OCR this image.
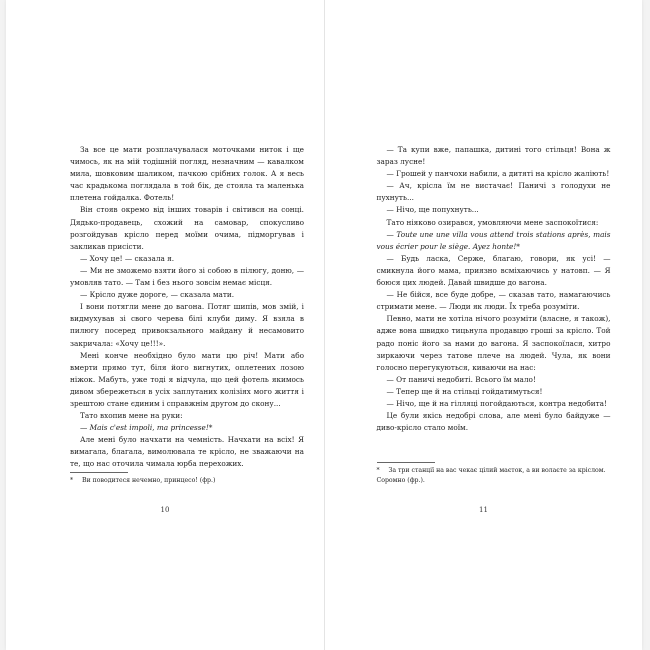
За все це мати розплачувалася моточками ниток і ще чимось, як на мій тодішній погляд, незначним — кавалком мила, шовковим шаликом, пачкою срібних голок. А я весь час крадькома поглядала в той бік, де стояла та маленька плетена гойдалка. Фотель!

Він стояв окремо від інших товарів і світився на сонці. Дядько-продавець, схожий на самовар, спокусливо розгойдував крісло перед моїми очима, підморгував і закликав присісти.

— Хочу це! — сказала я.

— Ми не зможемо взяти його зі собою в пілюгу, доню, — умовляв тато. — Там і без нього зовсім немає місця.

— Крісло дуже дороге, — сказала мати.

І вони потягли мене до вагона. Потяг шипів, мов змій, і видмухував зі свого черева білі клуби диму. Я взяла в пилюгу посеред привокзального майдану й несамовито закричала: «Хочу це!!!».

Мені конче необхідно було мати цю річ! Мати або вмерти прямо тут, біля його вигнутих, оплетених лозою ніжок. Мабуть, уже тоді я відчула, що цей фотель якимось дивом збережеться в усіх заплутаних колізіях мого життя і зрештою стане єдиним і справжнім другом до скону...

Тато вхопив мене на руки:

— Mais c'est impoli, ma princesse!*

Але мені було начхати на чемність. Начхати на всіх! Я вимагала, благала, вимолювала те крісло, не зважаючи на те, що нас оточила чимала юрба перехожих.

* Ви поводитеся нечемно, принцесо! (фр.)
10

— Та купи вже, папашка, дитині того стільця! Вона ж зараз лусне!

— Грошей у панчохи набили, а дитяті на крісло жаліють!

— Ач, крісла їм не вистачає! Паничі з голодухи не пухнуть...

— Нічо, ще попухнуть...

Тато ніяково озирався, умовляючи мене заспокоїтися:

— Toute une une villa vous attend trois stations après, mais vous écrier pour le siège. Ayez honte!*

— Будь ласка, Серже, благаю, говори, як усі! — смикнула його мама, приязно всміхаючись у натовп. — Я боюся цих людей. Давай швидше до вагона.

— Не бійся, все буде добре, — сказав тато, намагаючись стримати мене. — Люди як люди. Їх треба розуміти.

Певно, мати не хотіла нічого розуміти (власне, я також), адже вона швидко тицьнула продавцю гроші за крісло. Той радо поніс його за нами до вагона. Я заспокоїлася, хитро зиркаючи через татове плече на людей. Чула, як вони голосно перегукуються, киваючи на нас:

— От паничі недобиті. Всього їм мало!

— Тепер ще й на стільці гойдатимуться!

— Нічо, ще й на гілляці погойдаються, контра недобита!

Це були якісь недобрі слова, але мені було байдуже — диво-крісло стало моїм.

* За три станції на вас чекає цілий маєток, а ви волаєте за кріслом. Соромно (фр.).
11
